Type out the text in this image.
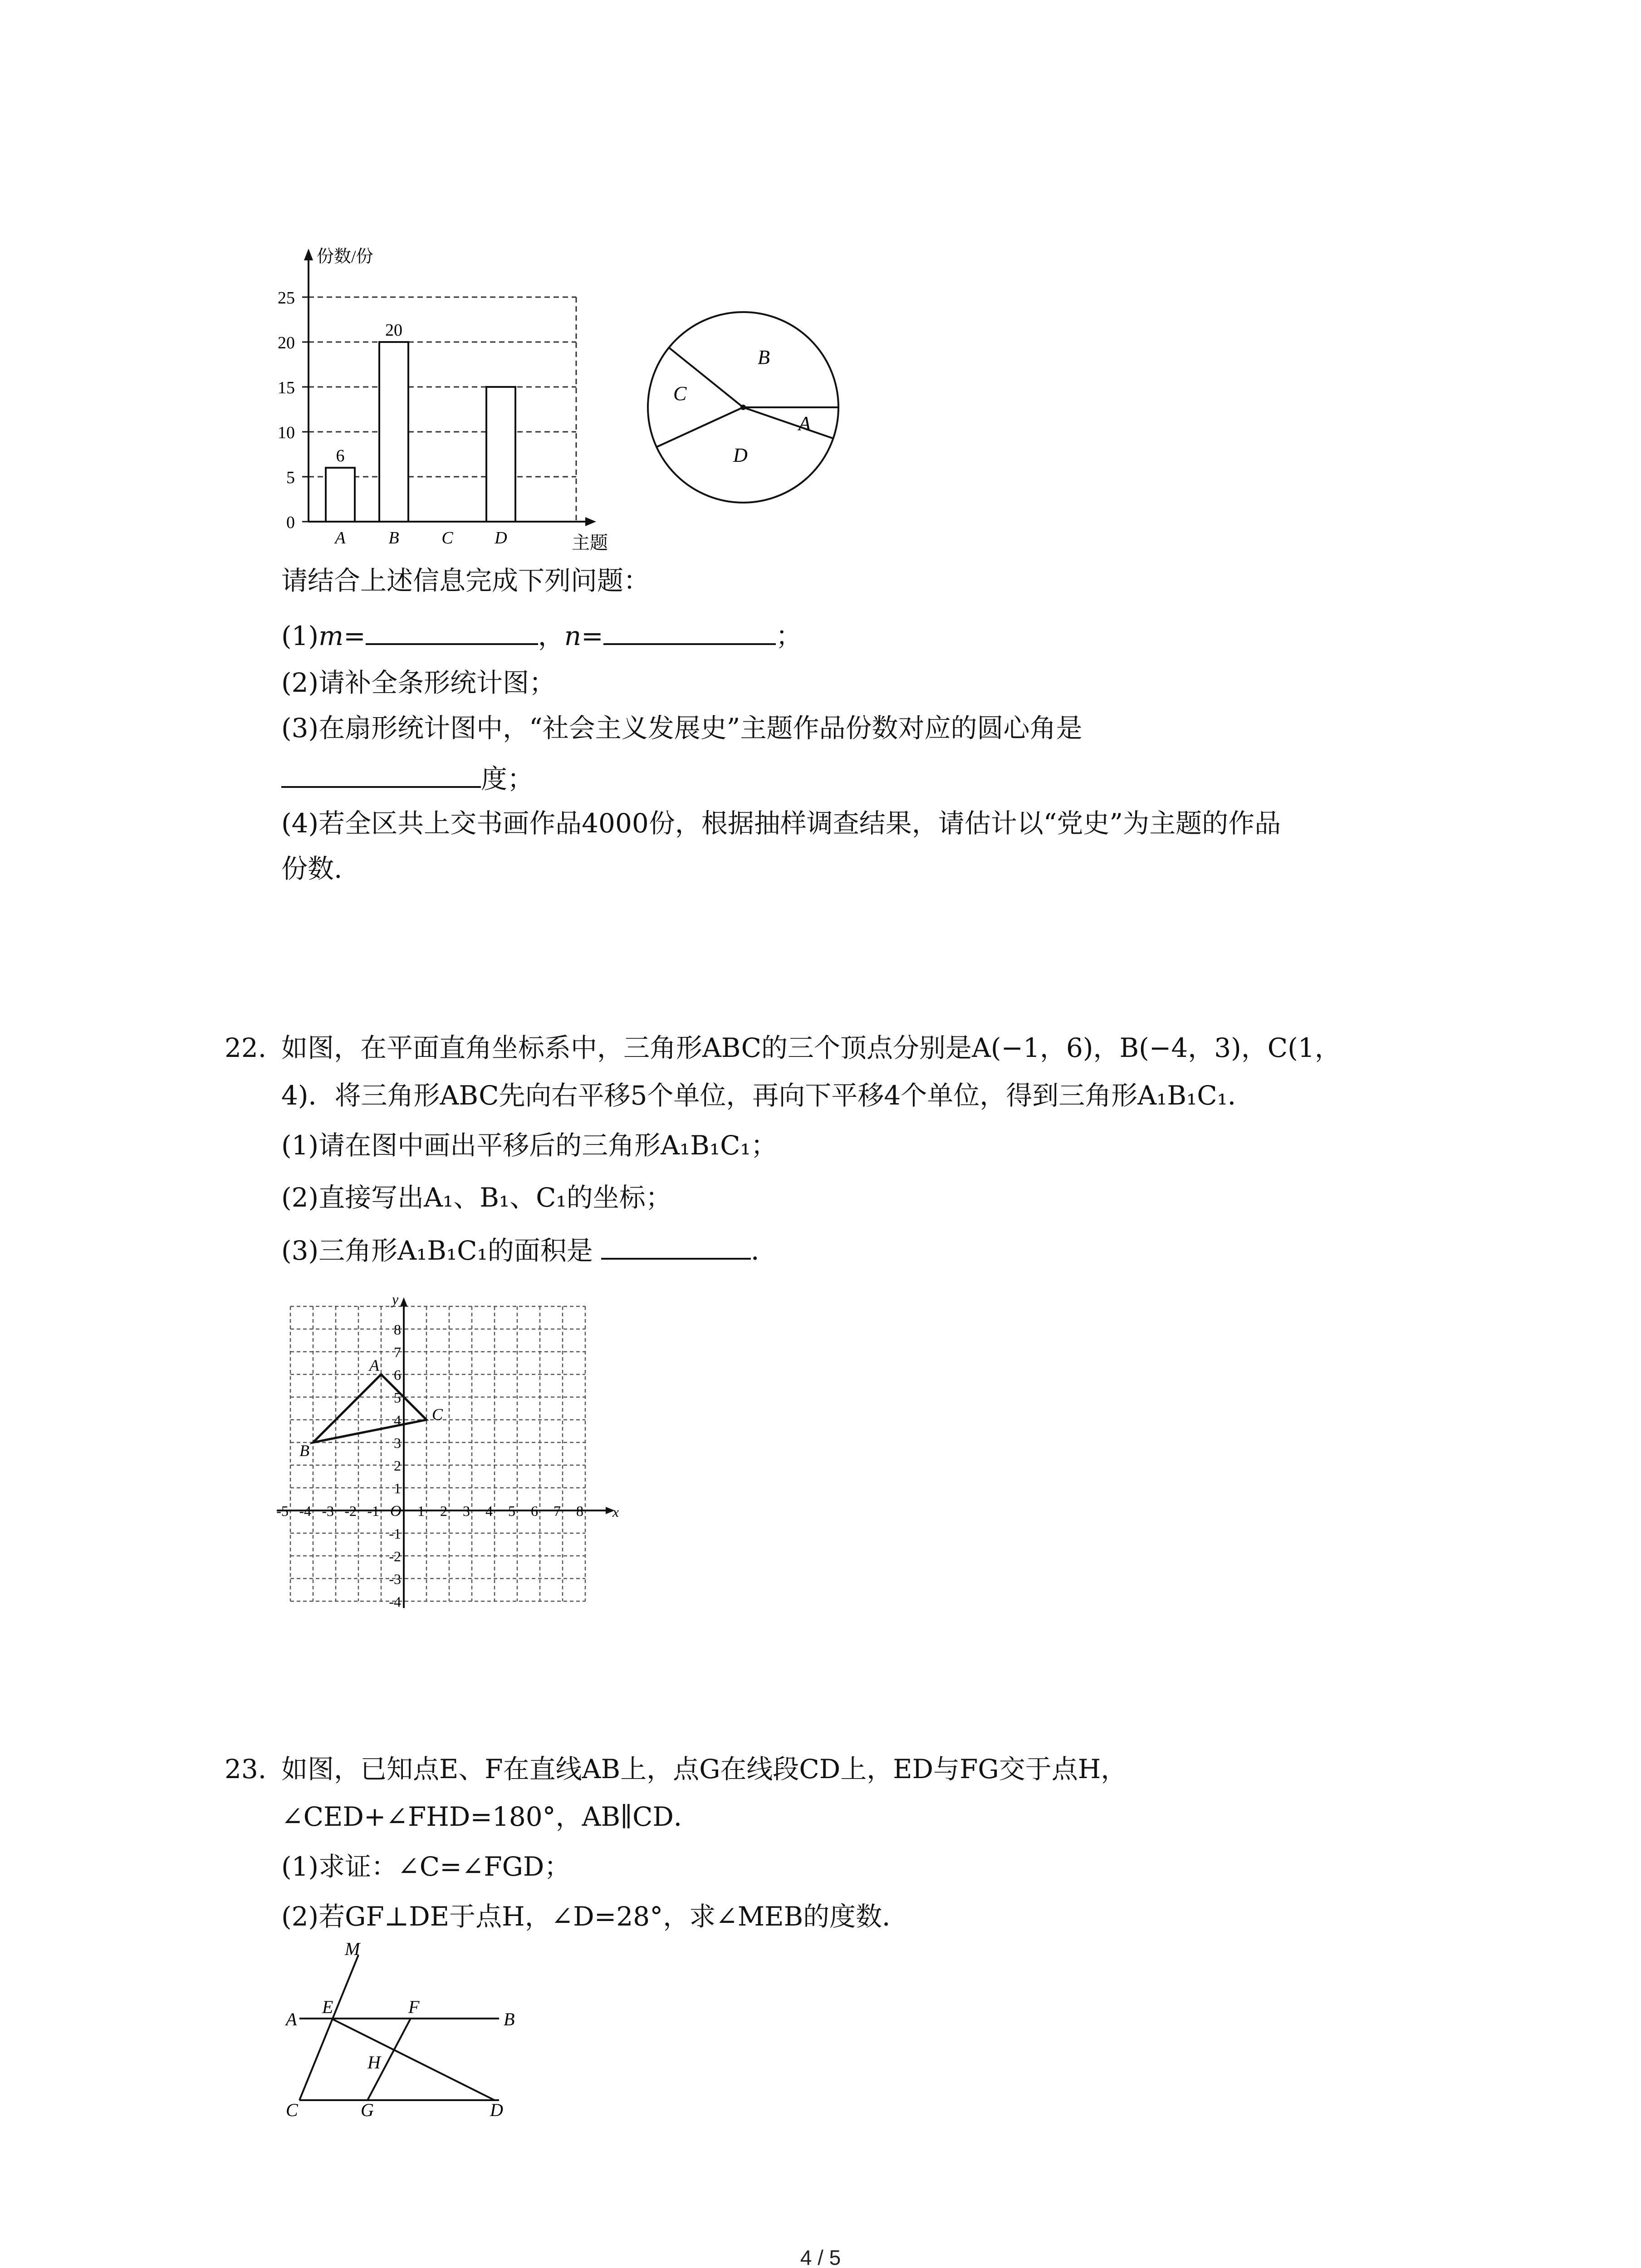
0
5
10
15
20
25
份数/份
主题
6
A
20
B C D
B
C
D
A
请结合上述信息完成下列问题：
(1)m=	，n=	；
(2)请补全条形统计图；
(3)在扇形统计图中，“社会主义发展史”主题作品份数对应的圆心角是
度；
(4)若全区共上交书画作品4000份，根据抽样调查结果，请估计以“党史”为主题的作品
份数.
22. 如图，在平面直角坐标系中，三角形ABC的三个顶点分别是A(−1，6)，B(−4，3)，C(1，
4)．将三角形ABC先向右平移5个单位，再向下平移4个单位，得到三角形A₁B₁C₁．
(1)请在图中画出平移后的三角形A₁B₁C₁；
(2)直接写出A₁、B₁、C₁的坐标；
(3)三角形A₁B₁C₁的面积是	．
x
y
O
-5 -4 -3 -2 -1	1 2 3 4 5 6 7 8
8
7
6
5
4
3
2
1
-1
-2
-3
-4
A
B
C
23. 如图，已知点E、F在直线AB上，点G在线段CD上，ED与FG交于点H，
∠CED+∠FHD=180°，AB∥CD．
(1)求证：∠C=∠FGD；
(2)若GF⊥DE于点H，∠D=28°，求∠MEB的度数．
M
E	F
A	B
H
C	G	D
4 / 5
